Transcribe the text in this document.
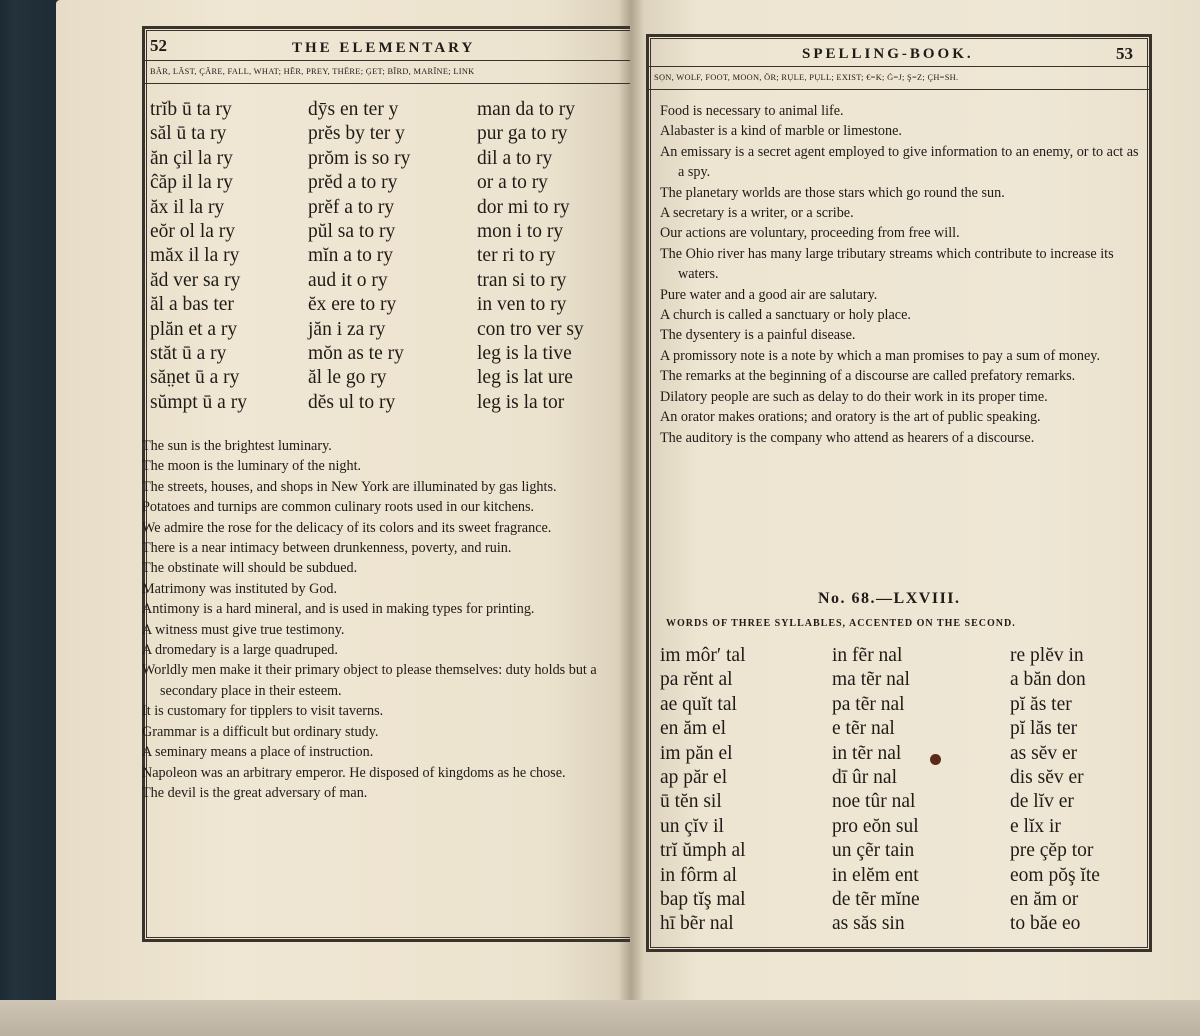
52	THE ELEMENTARY
BÃR, LÃST, ÇÃRE, FALL, WHAT; HẼR, PREY, THÊRE; ĢET; BĨRD, MARĨNE; LINK
trĭb ū ta ry
săl ū ta ry
ăn çil la ry
ĉăp il la ry
ăx il la ry
eŏr ol la ry
măx il la ry
ăd ver sa ry
ăl a bas ter
plăn et a ry
stăt ū a ry
săn̤et ū a ry
sŭmpt ū a ry
dȳs en ter y
prĕs by ter y
prŏm is so ry
prĕd a to ry
prĕf a to ry
pŭl sa to ry
mĭn a to ry
aud it o ry
ĕx ere to ry
jăn i za ry
mŏn as te ry
ăl le go ry
dĕs ul to ry
man da to ry
pur ga to ry
dil a to ry
or a to ry
dor mi to ry
mon i to ry
ter ri to ry
tran si to ry
in ven to ry
con tro ver sy
leg is la tive
leg is lat ure
leg is la tor
The sun is the brightest luminary.
The moon is the luminary of the night.
The streets, houses, and shops in New York are illuminated by gas lights.
Potatoes and turnips are common culinary roots used in our kitchens.
We admire the rose for the delicacy of its colors and its sweet fragrance.
There is a near intimacy between drunkenness, poverty, and ruin.
The obstinate will should be subdued.
Matrimony was instituted by God.
Antimony is a hard mineral, and is used in making types for printing.
A witness must give true testimony.
A dromedary is a large quadruped.
Worldly men make it their primary object to please themselves: duty holds but a secondary place in their esteem.
It is customary for tipplers to visit taverns.
Grammar is a difficult but ordinary study.
A seminary means a place of instruction.
Napoleon was an arbitrary emperor. He disposed of kingdoms as he chose.
The devil is the great adversary of man.
SPELLING-BOOK.	53
SỌN, WOLF, FOOT, MOON, ÔR; RỤLE, PỤLL; EXIST; €=K; Ġ=J; Ş=Z; ÇH=SH.
Food is necessary to animal life.
Alabaster is a kind of marble or limestone.
An emissary is a secret agent employed to give information to an enemy, or to act as a spy.
The planetary worlds are those stars which go round the sun.
A secretary is a writer, or a scribe.
Our actions are voluntary, proceeding from free will.
The Ohio river has many large tributary streams which contribute to increase its waters.
Pure water and a good air are salutary.
A church is called a sanctuary or holy place.
The dysentery is a painful disease.
A promissory note is a note by which a man promises to pay a sum of money.
The remarks at the beginning of a discourse are called prefatory remarks.
Dilatory people are such as delay to do their work in its proper time.
An orator makes orations; and oratory is the art of public speaking.
The auditory is the company who attend as hearers of a discourse.
No. 68.—LXVIII.
WORDS OF THREE SYLLABLES, ACCENTED ON THE SECOND.
im môr′ tal
pa rĕnt al
ae quĭt tal
en ăm el
im păn el
ap păr el
ū tĕn sil
un çĭv il
trĭ ŭmph al
in fôrm al
bap tĭş mal
hī bẽr nal
in fẽr nal
ma tẽr nal
pa tẽr nal
e tẽr nal
in tẽr nal
dī ûr nal
noe tûr nal
pro eŏn sul
un çẽr tain
in elĕm ent
de tẽr mĭne
as săs sin
re plĕv in
a băn don
pĭ ăs ter
pĭ lăs ter
as sĕv er
dis sĕv er
de lĭv er
e lĭx ir
pre çĕp tor
eom pŏş ĭte
en ăm or
to băe eo
